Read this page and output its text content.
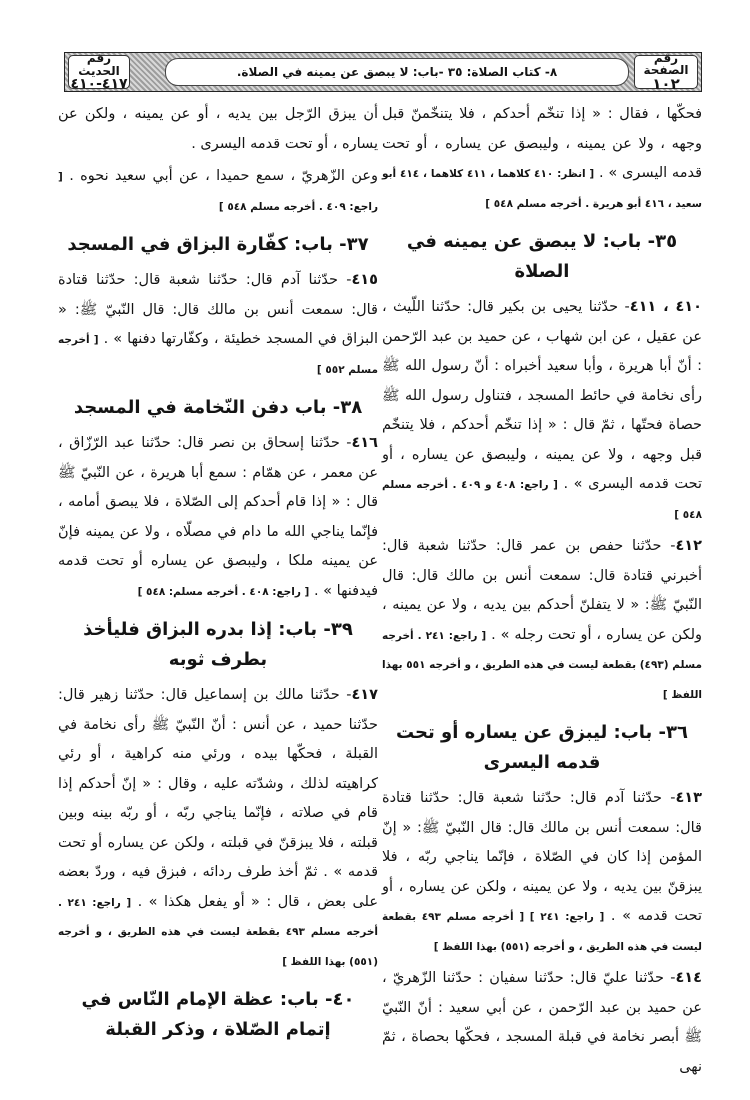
رقم الصفحة
١٠٢
٨- كتاب الصلاة: ٣٥ -باب: لا يبصق عن يمينه في الصلاة.
رقم الحديث
٤١٧-٤١٠

فحكّها ، فقال : « إذا تنخّم أحدكم ، فلا يتنخّمنّ قبل وجهه ، ولا عن يمينه ، وليبصق عن يساره ، أو تحت قدمه اليسرى » . [ انظر: ٤١٠ كلاهما ، ٤١١ كلاهما ، ٤١٤ أبو سعيد ، ٤١٦ أبو هريرة . أخرجه مسلم ٥٤٨ ]

٣٥- باب: لا يبصق عن يمينه في الصلاة

٤١٠ ، ٤١١- حدّثنا يحيى بن بكير قال: حدّثنا اللّيث ، عن عقيل ، عن ابن شهاب ، عن حميد بن عبد الرّحمن : أنّ أبا هريرة ، وأبا سعيد أخبراه : أنّ رسول الله ﷺ رأى نخامة في حائط المسجد ، فتناول رسول الله ﷺ حصاة فحتّها ، ثمّ قال : « إذا تنخّم أحدكم ، فلا يتنخّم قبل وجهه ، ولا عن يمينه ، وليبصق عن يساره ، أو تحت قدمه اليسرى » . [ راجع: ٤٠٨ و ٤٠٩ . أخرجه مسلم ٥٤٨ ]

٤١٢- حدّثنا حفص بن عمر قال: حدّثنا شعبة قال: أخبرني قتادة قال: سمعت أنس بن مالك قال: قال النّبيّ ﷺ: « لا يتفلنّ أحدكم بين يديه ، ولا عن يمينه ، ولكن عن يساره ، أو تحت رجله » . [ راجع: ٢٤١ . أخرجه مسلم (٤٩٣) بقطعة ليست في هذه الطريق ، و أخرجه ٥٥١ بهذا اللفظ ]

٣٦- باب: ليبزق عن يساره أو تحت قدمه اليسرى

٤١٣- حدّثنا آدم قال: حدّثنا شعبة قال: حدّثنا قتادة قال: سمعت أنس بن مالك قال: قال النّبيّ ﷺ: « إنّ المؤمن إذا كان في الصّلاة ، فإنّما يناجي ربّه ، فلا يبزقنّ بين يديه ، ولا عن يمينه ، ولكن عن يساره ، أو تحت قدمه » . [ راجع: ٢٤١ ] [ أخرجه مسلم ٤٩٣ بقطعة ليست في هذه الطريق ، و أخرجه (٥٥١) بهذا اللفظ ]

٤١٤- حدّثنا عليّ قال: حدّثنا سفيان : حدّثنا الزّهريّ ، عن حميد بن عبد الرّحمن ، عن أبي سعيد : أنّ النّبيّ ﷺ أبصر نخامة في قبلة المسجد ، فحكّها بحصاة ، ثمّ نهى

أن يبزق الرّجل بين يديه ، أو عن يمينه ، ولكن عن يساره ، أو تحت قدمه اليسرى .

وعن الزّهريّ ، سمع حميدا ، عن أبي سعيد نحوه . [ راجع: ٤٠٩ . أخرجه مسلم ٥٤٨ ]

٣٧- باب: كفّارة البزاق في المسجد

٤١٥- حدّثنا آدم قال: حدّثنا شعبة قال: حدّثنا قتادة قال: سمعت أنس بن مالك قال: قال النّبيّ ﷺ: « البزاق في المسجد خطيئة ، وكفّارتها دفنها » . [ أخرجه مسلم ٥٥٢ ]

٣٨- باب دفن النّخامة في المسجد

٤١٦- حدّثنا إسحاق بن نصر قال: حدّثنا عبد الرّزّاق ، عن معمر ، عن همّام : سمع أبا هريرة ، عن النّبيّ ﷺ قال : « إذا قام أحدكم إلى الصّلاة ، فلا يبصق أمامه ، فإنّما يناجي الله ما دام في مصلّاه ، ولا عن يمينه فإنّ عن يمينه ملكا ، وليبصق عن يساره أو تحت قدمه فيدفنها » . [ راجع: ٤٠٨ . أخرجه مسلم: ٥٤٨ ]

٣٩- باب: إذا بدره البزاق فليأخذ بطرف ثوبه

٤١٧- حدّثنا مالك بن إسماعيل قال: حدّثنا زهير قال: حدّثنا حميد ، عن أنس : أنّ النّبيّ ﷺ رأى نخامة في القبلة ، فحكّها بيده ، ورئي منه كراهية ، أو رئي كراهيته لذلك ، وشدّته عليه ، وقال : « إنّ أحدكم إذا قام في صلاته ، فإنّما يناجي ربّه ، أو ربّه بينه وبين قبلته ، فلا يبزقنّ في قبلته ، ولكن عن يساره أو تحت قدمه » . ثمّ أخذ طرف ردائه ، فبزق فيه ، وردّ بعضه على بعض ، قال : « أو يفعل هكذا » . [ راجع: ٢٤١ . أخرجه مسلم ٤٩٣ بقطعة ليست في هذه الطريق ، و أخرجه (٥٥١) بهذا اللفظ ]

٤٠- باب: عظة الإمام النّاس في إتمام الصّلاة ، وذكر القبلة
